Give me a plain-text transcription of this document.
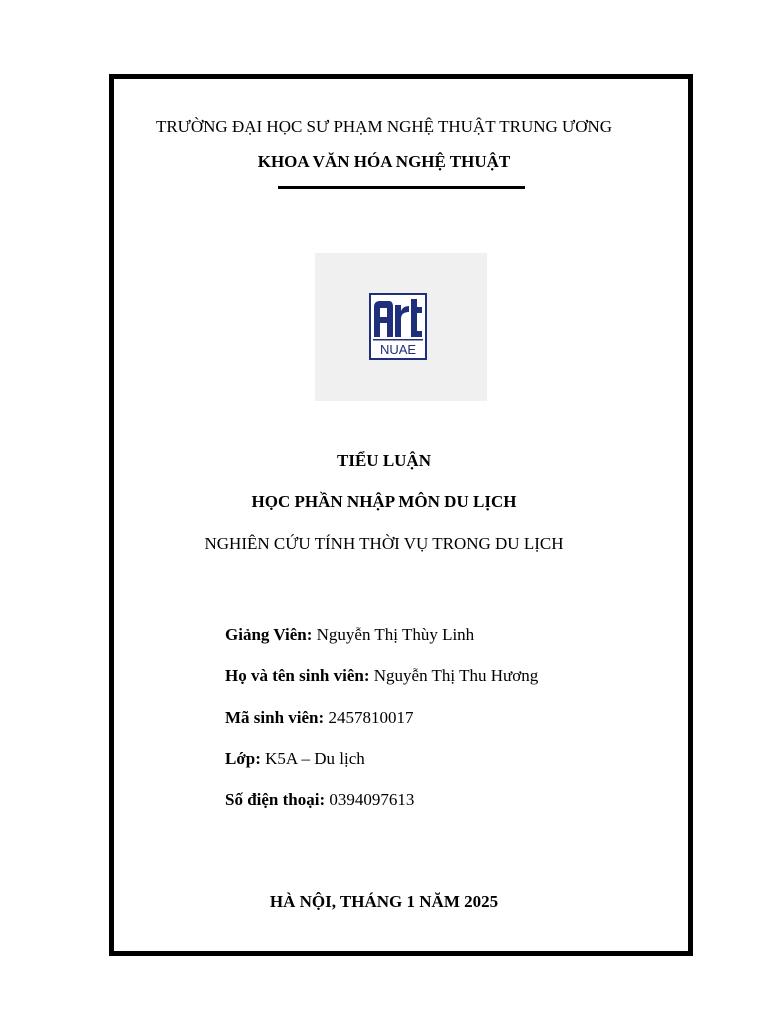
TRƯỜNG ĐẠI HỌC SƯ PHẠM NGHỆ THUẬT TRUNG ƯƠNG
KHOA VĂN HÓA NGHỆ THUẬT
NUAE
TIỂU LUẬN
HỌC PHẦN NHẬP MÔN DU LỊCH
NGHIÊN CỨU TÍNH THỜI VỤ TRONG DU LỊCH
Giảng Viên: Nguyễn Thị Thùy Linh
Họ và tên sinh viên: Nguyễn Thị Thu Hương
Mã sinh viên: 2457810017
Lớp: K5A – Du lịch
Số điện thoại: 0394097613
HÀ NỘI, THÁNG 1 NĂM 2025
